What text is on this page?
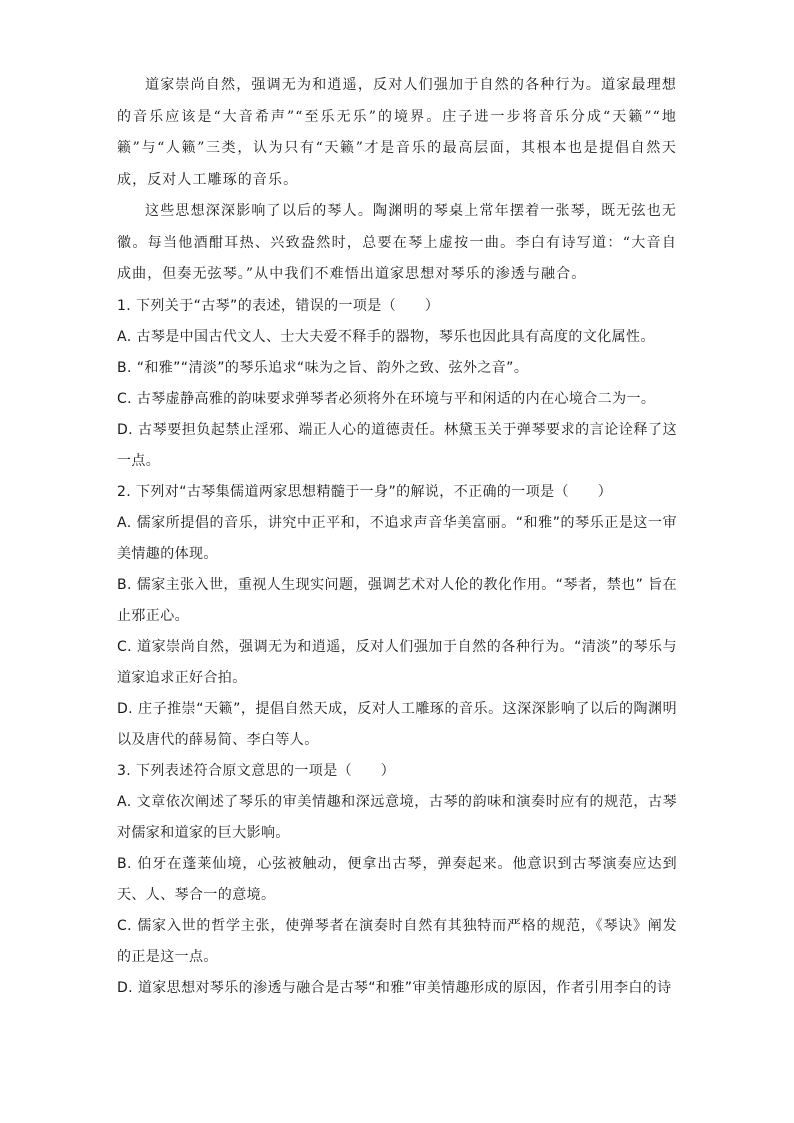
道家崇尚自然，强调无为和逍遥，反对人们强加于自然的各种行为。道家最理想的音乐应该是“大音希声”“至乐无乐”的境界。庄子进一步将音乐分成“天籁”“地籁”与“人籁”三类，认为只有“天籁”才是音乐的最高层面，其根本也是提倡自然天成，反对人工雕琢的音乐。

这些思想深深影响了以后的琴人。陶渊明的琴桌上常年摆着一张琴，既无弦也无徽。每当他酒酣耳热、兴致盎然时，总要在琴上虚按一曲。李白有诗写道：“大音自成曲，但奏无弦琴。”从中我们不难悟出道家思想对琴乐的渗透与融合。

1. 下列关于“古琴”的表述，错误的一项是（　　）

A. 古琴是中国古代文人、士大夫爱不释手的器物，琴乐也因此具有高度的文化属性。

B. “和雅”“清淡”的琴乐追求“味为之旨、韵外之致、弦外之音”。

C. 古琴虚静高雅的韵味要求弹琴者必须将外在环境与平和闲适的内在心境合二为一。

D. 古琴要担负起禁止淫邪、端正人心的道德责任。林黛玉关于弹琴要求的言论诠释了这一点。

2. 下列对“古琴集儒道两家思想精髓于一身”的解说，不正确的一项是（　　）

A. 儒家所提倡的音乐，讲究中正平和，不追求声音华美富丽。“和雅”的琴乐正是这一审美情趣的体现。

B. 儒家主张入世，重视人生现实问题，强调艺术对人伦的教化作用。“琴者，禁也” 旨在止邪正心。

C. 道家崇尚自然，强调无为和逍遥，反对人们强加于自然的各种行为。“清淡”的琴乐与道家追求正好合拍。

D. 庄子推崇“天籁”，提倡自然天成，反对人工雕琢的音乐。这深深影响了以后的陶渊明以及唐代的薛易简、李白等人。

3. 下列表述符合原文意思的一项是（　　）

A. 文章依次阐述了琴乐的审美情趣和深远意境，古琴的韵味和演奏时应有的规范，古琴对儒家和道家的巨大影响。

B. 伯牙在蓬莱仙境，心弦被触动，便拿出古琴，弹奏起来。他意识到古琴演奏应达到天、人、琴合一的意境。

C. 儒家入世的哲学主张，使弹琴者在演奏时自然有其独特而严格的规范，《琴诀》阐发的正是这一点。

D. 道家思想对琴乐的渗透与融合是古琴“和雅”审美情趣形成的原因，作者引用李白的诗
